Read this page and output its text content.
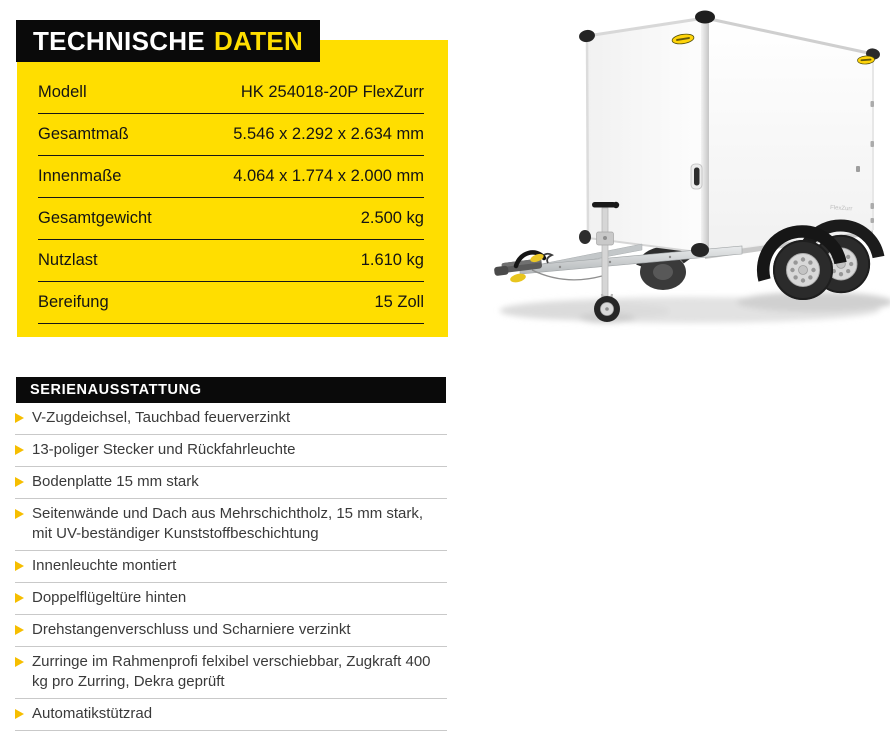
TECHNISCHE DATEN
Modell	HK 254018-20P FlexZurr
Gesamtmaß	5.546 x 2.292 x 2.634 mm
Innenmaße	4.064 x 1.774 x 2.000 mm
Gesamtgewicht	2.500 kg
Nutzlast	1.610 kg
Bereifung	15 Zoll
SERIENAUSSTATTUNG
V-Zugdeichsel, Tauchbad feuerverzinkt
13-poliger Stecker und Rückfahrleuchte
Bodenplatte 15 mm stark
Seitenwände und Dach aus Mehrschichtholz, 15 mm stark, mit UV-beständiger Kunststoffbeschichtung
Innenleuchte montiert
Doppelflügeltüre hinten
Drehstangenverschluss und Scharniere verzinkt
Zurringe im Rahmenprofi felxibel verschiebbar, Zugkraft 400 kg pro Zurring, Dekra geprüft
Automatikstützrad
FlexZurr
